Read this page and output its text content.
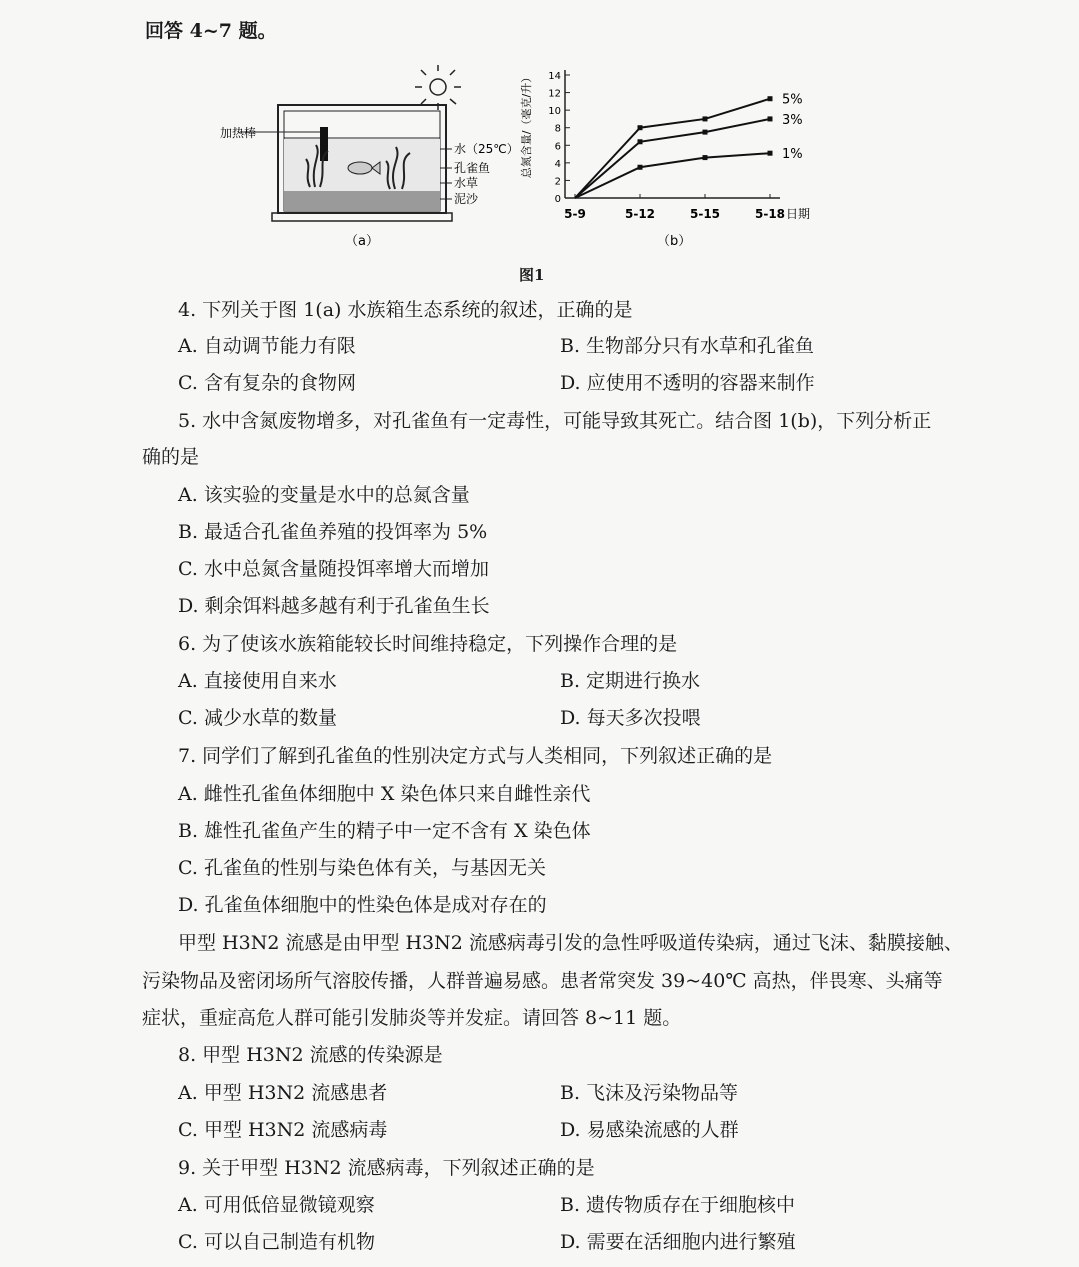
回答 4~7 题。
加热棒
水（25℃）
孔雀鱼
水草
泥沙
（a）
总氮含量/（毫克/升）
日期
（b）
0
2
4
6
8
10
12
14
5-9	5-12	5-15	5-18
5%
3%
1%
图1
4. 下列关于图 1(a) 水族箱生态系统的叙述，正确的是
A. 自动调节能力有限	B. 生物部分只有水草和孔雀鱼
C. 含有复杂的食物网	D. 应使用不透明的容器来制作
5. 水中含氮废物增多，对孔雀鱼有一定毒性，可能导致其死亡。结合图 1(b)，下列分析正
确的是
A. 该实验的变量是水中的总氮含量
B. 最适合孔雀鱼养殖的投饵率为 5%
C. 水中总氮含量随投饵率增大而增加
D. 剩余饵料越多越有利于孔雀鱼生长
6. 为了使该水族箱能较长时间维持稳定，下列操作合理的是
A. 直接使用自来水	B. 定期进行换水
C. 减少水草的数量	D. 每天多次投喂
7. 同学们了解到孔雀鱼的性别决定方式与人类相同，下列叙述正确的是
A. 雌性孔雀鱼体细胞中 X 染色体只来自雌性亲代
B. 雄性孔雀鱼产生的精子中一定不含有 X 染色体
C. 孔雀鱼的性别与染色体有关，与基因无关
D. 孔雀鱼体细胞中的性染色体是成对存在的
甲型 H3N2 流感是由甲型 H3N2 流感病毒引发的急性呼吸道传染病，通过飞沫、黏膜接触、
污染物品及密闭场所气溶胶传播，人群普遍易感。患者常突发 39~40℃ 高热，伴畏寒、头痛等
症状，重症高危人群可能引发肺炎等并发症。请回答 8~11 题。
8. 甲型 H3N2 流感的传染源是
A. 甲型 H3N2 流感患者	B. 飞沫及污染物品等
C. 甲型 H3N2 流感病毒	D. 易感染流感的人群
9. 关于甲型 H3N2 流感病毒，下列叙述正确的是
A. 可用低倍显微镜观察	B. 遗传物质存在于细胞核中
C. 可以自己制造有机物	D. 需要在活细胞内进行繁殖
